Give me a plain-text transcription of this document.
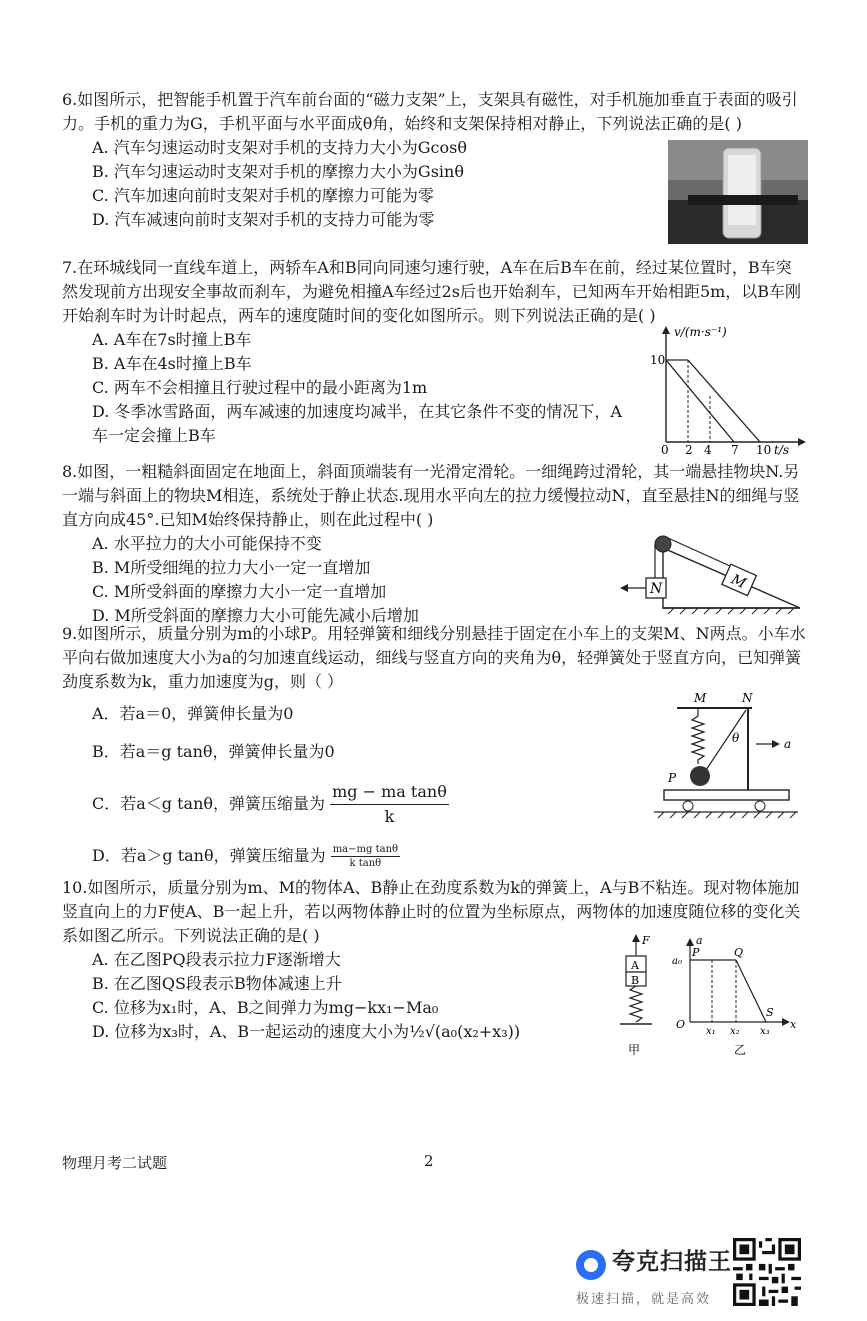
6.如图所示，把智能手机置于汽车前台面的“磁力支架”上，支架具有磁性，对手机施加垂直于表面的吸引力。手机的重力为G，手机平面与水平面成θ角，始终和支架保持相对静止，下列说法正确的是( )

A. 汽车匀速运动时支架对手机的支持力大小为Gcosθ

B. 汽车匀速运动时支架对手机的摩擦力大小为Gsinθ

C. 汽车加速向前时支架对手机的摩擦力可能为零

D. 汽车减速向前时支架对手机的支持力可能为零

7.在环城线同一直线车道上，两轿车A和B同向同速匀速行驶，A车在后B车在前，经过某位置时，B车突然发现前方出现安全事故而刹车，为避免相撞A车经过2s后也开始刹车，已知两车开始相距5m，以B车刚开始刹车时为计时起点，两车的速度随时间的变化如图所示。则下列说法正确的是( )

A. A车在7s时撞上B车

B. A车在4s时撞上B车

C. 两车不会相撞且行驶过程中的最小距离为1m

D. 冬季冰雪路面，两车减速的加速度均减半，在其它条件不变的情况下，A车一定会撞上B车

v/(m·s⁻¹)
t/s
10
0 2 4 7 10

8.如图，一粗糙斜面固定在地面上，斜面顶端装有一光滑定滑轮。一细绳跨过滑轮，其一端悬挂物块N.另一端与斜面上的物块M相连，系统处于静止状态.现用水平向左的拉力缓慢拉动N，直至悬挂N的细绳与竖直方向成45°.已知M始终保持静止，则在此过程中( )

A. 水平拉力的大小可能保持不变

B. M所受细绳的拉力大小一定一直增加

C. M所受斜面的摩擦力大小一定一直增加

D. M所受斜面的摩擦力大小可能先减小后增加

M
N

9.如图所示，质量分别为m的小球P。用轻弹簧和细线分别悬挂于固定在小车上的支架M、N两点。小车水平向右做加速度大小为a的匀加速直线运动，细线与竖直方向的夹角为θ，轻弹簧处于竖直方向，已知弹簧劲度系数为k，重力加速度为g，则（ ）

A．若a＝0，弹簧伸长量为0

B．若a＝g tanθ，弹簧伸长量为0

C．若a＜g tanθ，弹簧压缩量为 $\frac{\text{mg − ma tanθ}}{k}$

D．若a＞g tanθ，弹簧压缩量为 $\frac{\text{ma−mg tanθ}}{\text{k tanθ}}$

M	N
P
θ	a

10.如图所示，质量分别为m、M的物体A、B静止在劲度系数为k的弹簧上，A与B不粘连。现对物体施加竖直向上的力F使A、B一起上升，若以两物体静止时的位置为坐标原点，两物体的加速度随位移的变化关系如图乙所示。下列说法正确的是( )

A. 在乙图PQ段表示拉力F逐渐增大

B. 在乙图QS段表示B物体减速上升

C. 位移为x₁时，A、B之间弹力为mg−kx₁−Ma₀

D. 位移为x₃时，A、B一起运动的速度大小为½√(a₀(x₂+x₃))

F
A
B
甲
a
a₀
P	Q
S
O
x₁ x₂ x₃
x
乙
物理月考二试题	2
夸克扫描王
极速扫描，就是高效
